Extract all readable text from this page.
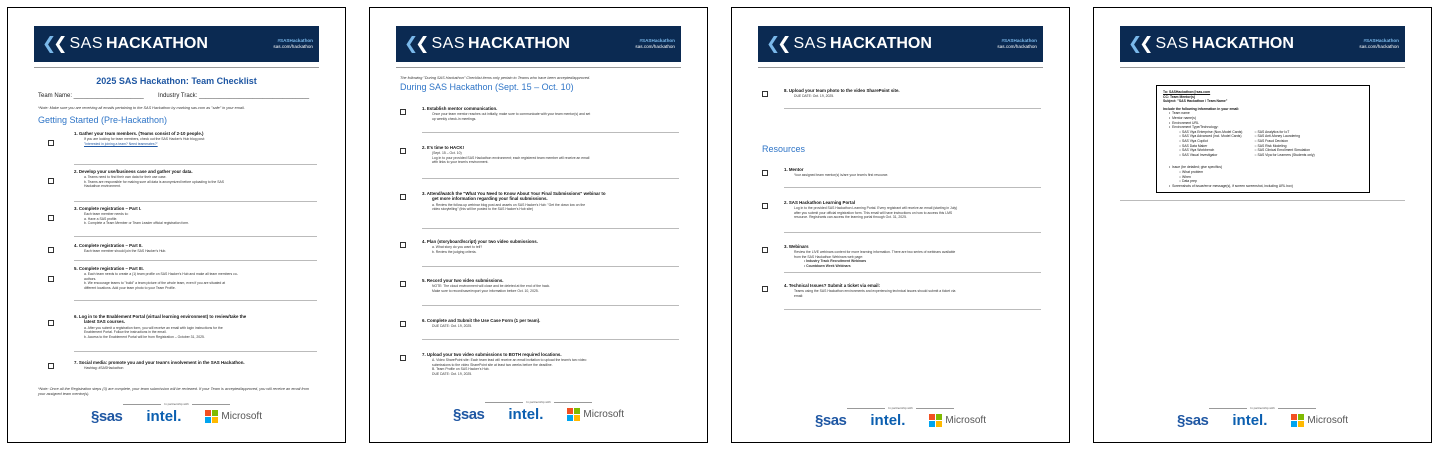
❮❮ SAS HACKATHON	#SASHackathon
sas.com/hackathon
2025 SAS Hackathon: Team Checklist
Team Name: _____________________ Industry Track: _________________________________
*Note: Make sure you are receiving all emails pertaining to the SAS Hackathon by marking sas.com as "safe" in your email.
Getting Started (Pre-Hackathon)
1. Gather your team members. (Teams consist of 2-10 people.)
If you are looking for team members, check out the SAS Hacker's Hub blog post:
"Interested in joining a team? Need teammates?"
2. Develop your use/business case and gather your data.
a. Teams need to find their own data for their use case.
b. Teams are responsible for making sure all data is anonymized before uploading to the SAS
Hackathon environment.
3. Complete registration – Part I.
Each team member needs to:
a. Have a SAS profile.
b. Complete a Team Member or Team Leader official registration form.
4. Complete registration – Part II.
Each team member should join the SAS Hacker's Hub.
5. Complete registration – Part III.
a. Each team needs to create a (1) team profile on SAS Hacker's Hub and make all team members co-
authors.
b. We encourage teams to "build" a team picture of the whole team, even if you are situated at
different locations. Add your team photo to your Team Profile.
6. Log in to the Enablement Portal (virtual learning environment) to review/take the
latest SAS courses.
a. After you submit a registration form, you will receive an email with login instructions for the
Enablement Portal. Follow the instructions in the email.
b. Access to the Enablement Portal will be from Registration – October 31, 2025.
7. Social media: promote you and your team's involvement in the SAS Hackathon.
Hashtag: #SASHackathon
*Note: Once all the Registration steps (3) are complete, your team submission will be reviewed. If your Team is accepted/approved, you will receive an email from your assigned team mentor(s).
In partnership with
§sas intel.	Microsoft
❮❮ SAS HACKATHON	#SASHackathon
sas.com/hackathon
The following "During SAS Hackathon" Checklist items only pertain to Teams who have been accepted/approved.
During SAS Hackathon (Sept. 15 – Oct. 10)
1. Establish mentor communication.
Once your team mentor reaches out initially, make sure to communicate with your team mentor(s) and set
up weekly check-in meetings.
2. It's time to HACK!
(Sept. 15 – Oct. 10)
Log in to your provided SAS Hackathon environment; each registered team member will receive an email
with links to your team's environment.
3. Attend/watch the "What You Need to Know About Your Final Submissions" webinar to
get more information regarding your final submissions.
a. Review the follow-up webinar blog post and assets on SAS Hacker's Hub: "Get the down low on the
video storytelling" (this will be posted to the SAS Hacker's Hub site)
4. Plan (storyboard/script) your two video submissions.
a. What story do you want to tell?
b. Review the judging criteria.
5. Record your two video submissions.
NOTE: The cloud environment will close and be deleted at the end of the hack.
Make sure to record/save/export your information before Oct. 10, 2025.
6. Complete and Submit the Use Case Form (1 per team).
DUE DATE: Oct. 19, 2025.
7. Upload your two video submissions to BOTH required locations.
A. Video SharePoint site: Each team lead will receive an email invitation to upload the team's two video
submissions to the video SharePoint site at least two weeks before the deadline.
B. Team Profile on SAS Hacker's Hub.
DUE DATE: Oct. 19, 2025.
In partnership with
§sas intel.	Microsoft
❮❮ SAS HACKATHON	#SASHackathon
sas.com/hackathon
8. Upload your team photo to the video SharePoint site.
DUE DATE: Oct. 19, 2025.
Resources
1. Mentor
Your assigned team mentor(s) is/are your team's first resource.
2. SAS Hackathon Learning Portal
Log in to the provided SAS Hackathon Learning Portal. Every registrant will receive an email (starting in July)
after you submit your official registration form. This email will have instructions on how to access this LMS
resource. Registrants can access the learning portal through Oct. 31, 2025.
3. Webinars
Review the LIVE webinars content for more learning information. There are two series of webinars available
from the SAS Hackathon Webinars web page:
• Industry Track Recruitment Webinars
• Countdown Week Webinars
4. Technical Issues? Submit a ticket via email:
Teams using the SAS Hackathon environments and experiencing technical issues should submit a ticket via
email:
In partnership with
§sas intel.	Microsoft
❮❮ SAS HACKATHON	#SASHackathon
sas.com/hackathon
To: SASHackathon@sas.com
CC: Team Mentor(s)
Subject: "SAS Hackathon / Team Name"
Include the following information in your email:
•  Team name
•  Mentor name(s)
•  Environment URL
•  Environment Type/Technology:
○ SAS Viya Enterprise (Non-Model Cards)
○ SAS Viya Advanced (incl. Model Cards)
○ SAS Viya Copilot
○ SAS Data Maker
○ SAS Viya Workbench
○ SAS Visual Investigator
○ SAS Analytics for IoT
○ SAS Anti-Money Laundering
○ SAS Fraud Decision
○ SAS Risk Modeling
○ SAS Clinical Enrollment Simulation
○ SAS Viya for Learners (Students only)
•  Issue (be detailed; give specifics)
○ What problem
○ When
○ Data prep
•  Screenshots of issue/error message(s), if screen screenshot, including URL box)
In partnership with
§sas intel.	Microsoft
